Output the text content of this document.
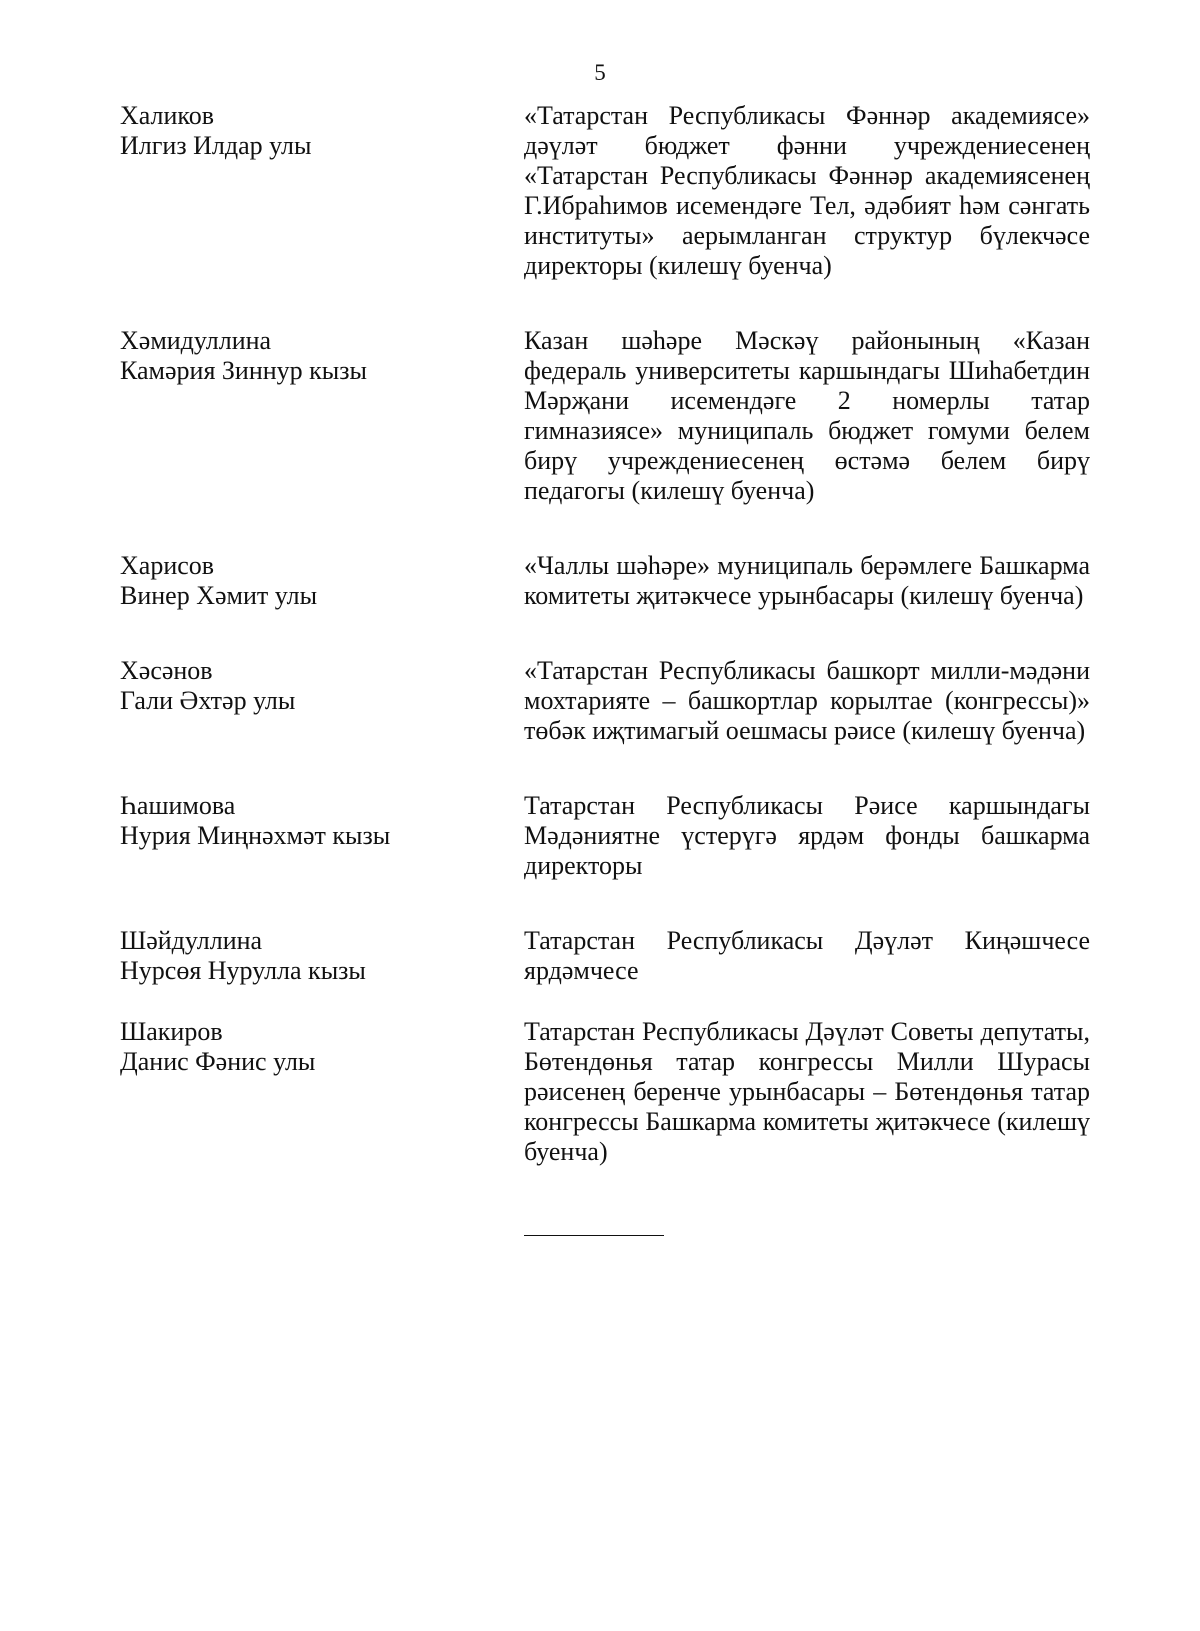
5
Халиков
Илгиз Илдар улы
«Татарстан Республикасы Фәннәр академиясе» дәүләт бюджет фәнни учреждениесенең «Татарстан Республикасы Фәннәр академиясенең Г.Ибраһимов исемендәге Тел, әдәбият һәм сәнгать институты» аерымланган структур бүлекчәсе директоры (килешү буенча)
Хәмидуллина
Камәрия Зиннур кызы
Казан шәһәре Мәскәү районының «Казан федераль университеты каршындагы Шиһабетдин Мәрҗани исемендәге 2 номерлы татар гимназиясе» муниципаль бюджет гомуми белем бирү учреждениесенең өстәмә белем бирү педагогы (килешү буенча)
Харисов
Винер Хәмит улы
«Чаллы шәһәре» муниципаль берәмлеге Башкарма комитеты җитәкчесе урынбасары (килешү буенча)
Хәсәнов
Гали Әхтәр улы
«Татарстан Республикасы башкорт милли-мәдәни мохтарияте – башкортлар корылтае (конгрессы)» төбәк иҗтимагый оешмасы рәисе (килешү буенча)
Һашимова
Нурия Миңнәхмәт кызы
Татарстан Республикасы Рәисе каршындагы Мәдәниятне үстерүгә ярдәм фонды башкарма директоры
Шәйдуллина
Нурсөя Нурулла кызы
Татарстан Республикасы Дәүләт Киңәшчесе ярдәмчесе
Шакиров
Данис Фәнис улы
Татарстан Республикасы Дәүләт Советы депутаты, Бөтендөнья татар конгрессы Милли Шурасы рәисенең беренче урынбасары – Бөтендөнья татар конгрессы Башкарма комитеты җитәкчесе (килешү буенча)
